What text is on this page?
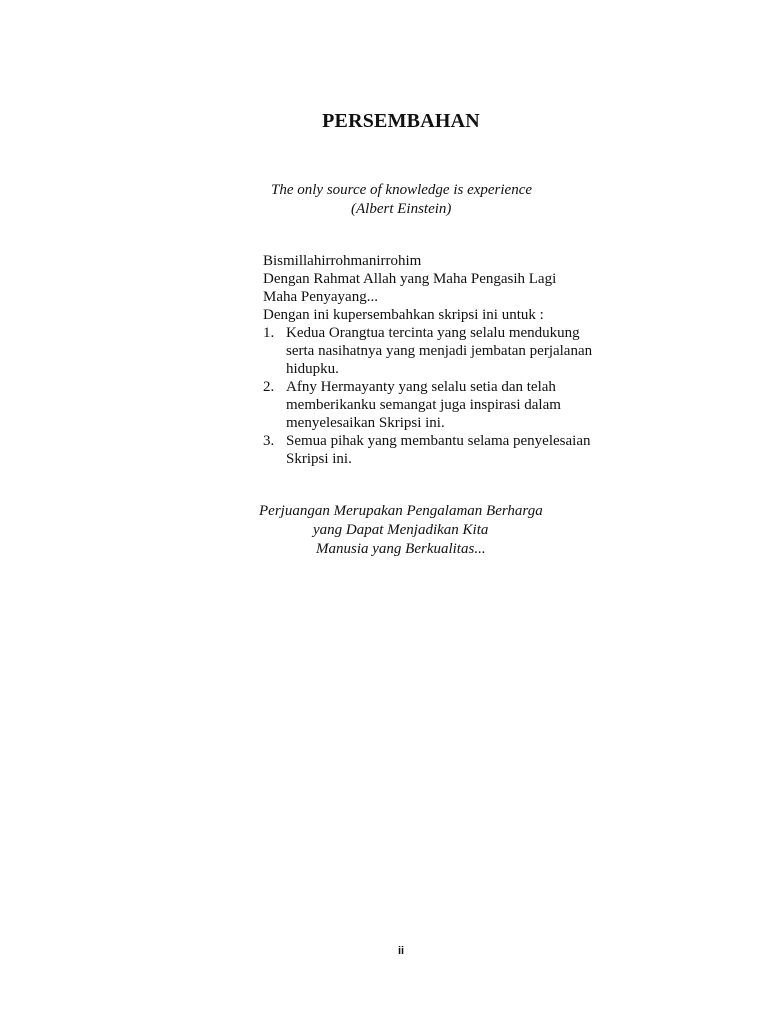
PERSEMBAHAN
The only source of knowledge is experience
(Albert Einstein)
Bismillahirrohmanirrohim
Dengan Rahmat Allah yang Maha Pengasih Lagi
Maha Penyayang...
Dengan ini kupersembahkan skripsi ini untuk :
1. Kedua Orangtua tercinta yang selalu mendukung serta nasihatnya yang menjadi jembatan perjalanan hidupku.
2. Afny Hermayanty yang selalu setia dan telah memberikanku semangat juga inspirasi dalam menyelesaikan Skripsi ini.
3. Semua pihak yang membantu selama penyelesaian Skripsi ini.
Perjuangan Merupakan Pengalaman Berharga
yang Dapat Menjadikan Kita
Manusia yang Berkualitas...
ii
